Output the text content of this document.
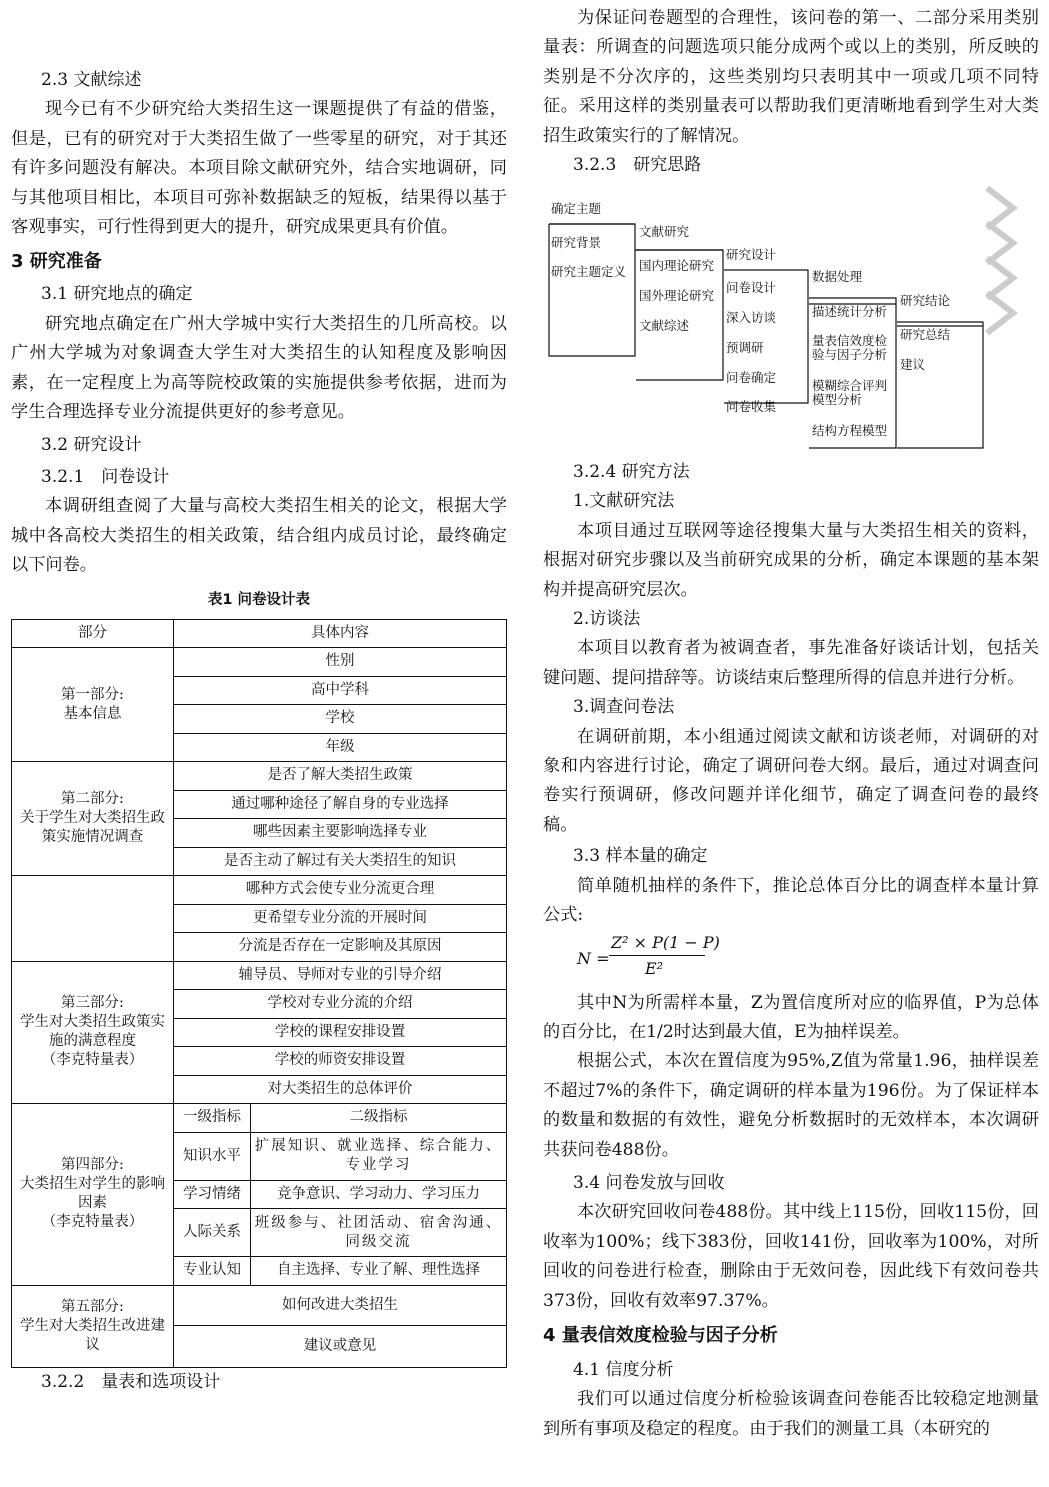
2.3 文献综述

现今已有不少研究给大类招生这一课题提供了有益的借鉴，但是，已有的研究对于大类招生做了一些零星的研究，对于其还有许多问题没有解决。本项目除文献研究外，结合实地调研，同与其他项目相比，本项目可弥补数据缺乏的短板，结果得以基于客观事实，可行性得到更大的提升，研究成果更具有价值。

3 研究准备

3.1 研究地点的确定

研究地点确定在广州大学城中实行大类招生的几所高校。以广州大学城为对象调查大学生对大类招生的认知程度及影响因素，在一定程度上为高等院校政策的实施提供参考依据，进而为学生合理选择专业分流提供更好的参考意见。

3.2 研究设计

3.2.1　问卷设计

本调研组查阅了大量与高校大类招生相关的论文，根据大学城中各高校大类招生的相关政策，结合组内成员讨论，最终确定以下问卷。

表1 问卷设计表

部分	具体内容	
第一部分:
基本信息	性别	
	高中学科	
	学校	
	年级	
第二部分:
关于学生对大类招生政策实施情况调查	是否了解大类招生政策	
	通过哪种途径了解自身的专业选择	
	哪些因素主要影响选择专业	
	是否主动了解过有关大类招生的知识	
	哪种方式会使专业分流更合理	
	更希望专业分流的开展时间	
	分流是否存在一定影响及其原因	
第三部分:
学生对大类招生政策实施的满意程度
（李克特量表）	辅导员、导师对专业的引导介绍	
	学校对专业分流的介绍	
	学校的课程安排设置	
	学校的师资安排设置	
	对大类招生的总体评价	
第四部分:
大类招生对学生的影响因素
（李克特量表）	一级指标	二级指标
	知识水平	扩展知识、就业选择、综合能力、专业学习
	学习情绪	竞争意识、学习动力、学习压力
	人际关系	班级参与、社团活动、宿舍沟通、同级交流
	专业认知	自主选择、专业了解、理性选择
第五部分:
学生对大类招生改进建议	如何改进大类招生	
	建议或意见	

3.2.2　量表和选项设计

为保证问卷题型的合理性，该问卷的第一、二部分采用类别量表：所调查的问题选项只能分成两个或以上的类别，所反映的类别是不分次序的，这些类别均只表明其中一项或几项不同特征。采用这样的类别量表可以帮助我们更清晰地看到学生对大类招生政策实行的了解情况。

3.2.3　研究思路

确定主题
研究背景
研究主题定义
文献研究
国内理论研究
国外理论研究
文献综述
研究设计
问卷设计
深入访谈
预调研
问卷确定
问卷收集
数据处理
描述统计分析
量表信效度检验与因子分析
模糊综合评判模型分析
结构方程模型
研究结论
研究总结
建议

3.2.4 研究方法

1.文献研究法

本项目通过互联网等途径搜集大量与大类招生相关的资料，根据对研究步骤以及当前研究成果的分析，确定本课题的基本架构并提高研究层次。

2.访谈法

本项目以教育者为被调查者，事先准备好谈话计划，包括关键问题、提问措辞等。访谈结束后整理所得的信息并进行分析。

3.调查问卷法

在调研前期，本小组通过阅读文献和访谈老师，对调研的对象和内容进行讨论，确定了调研问卷大纲。最后，通过对调查问卷实行预调研，修改问题并详化细节，确定了调查问卷的最终稿。

3.3 样本量的确定

简单随机抽样的条件下，推论总体百分比的调查样本量计算公式:

N =
Z² × P(1 − P)
E²

其中N为所需样本量，Z为置信度所对应的临界值，P为总体的百分比，在1/2时达到最大值，E为抽样误差。

根据公式，本次在置信度为95%,Z值为常量1.96，抽样误差不超过7%的条件下，确定调研的样本量为196份。为了保证样本的数量和数据的有效性，避免分析数据时的无效样本，本次调研共获问卷488份。

3.4 问卷发放与回收

本次研究回收问卷488份。其中线上115份，回收115份，回收率为100%；线下383份，回收141份，回收率为100%，对所回收的问卷进行检查，删除由于无效问卷，因此线下有效问卷共373份，回收有效率97.37%。

4 量表信效度检验与因子分析

4.1 信度分析

我们可以通过信度分析检验该调查问卷能否比较稳定地测量到所有事项及稳定的程度。由于我们的测量工具（本研究的
